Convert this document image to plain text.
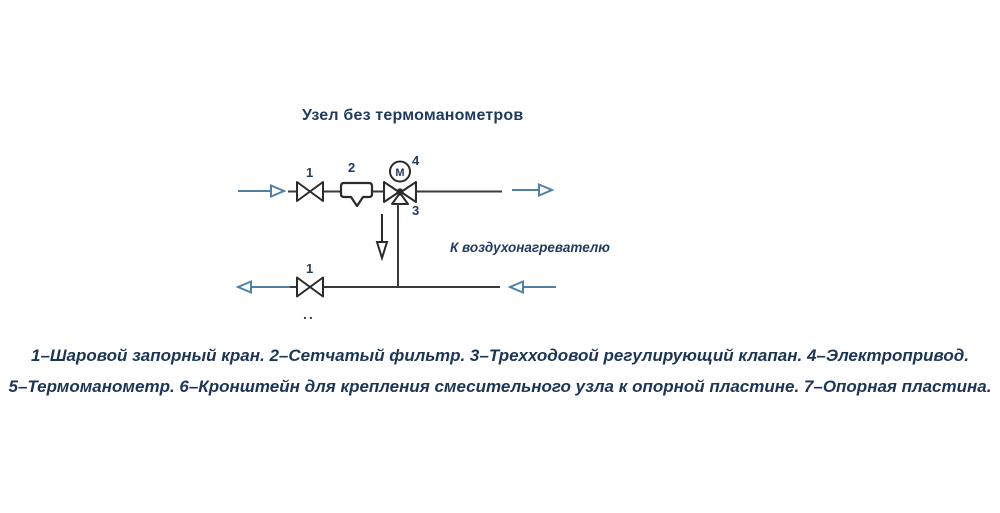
Узел без термоманометров
M
1	2	4
3
1
К воздухонагревателю
..
1–Шаровой запорный кран. 2–Сетчатый фильтр. 3–Трехходовой регулирующий клапан. 4–Электропривод.
5–Термоманометр. 6–Кронштейн для крепления смесительного узла к опорной пластине. 7–Опорная пластина.
